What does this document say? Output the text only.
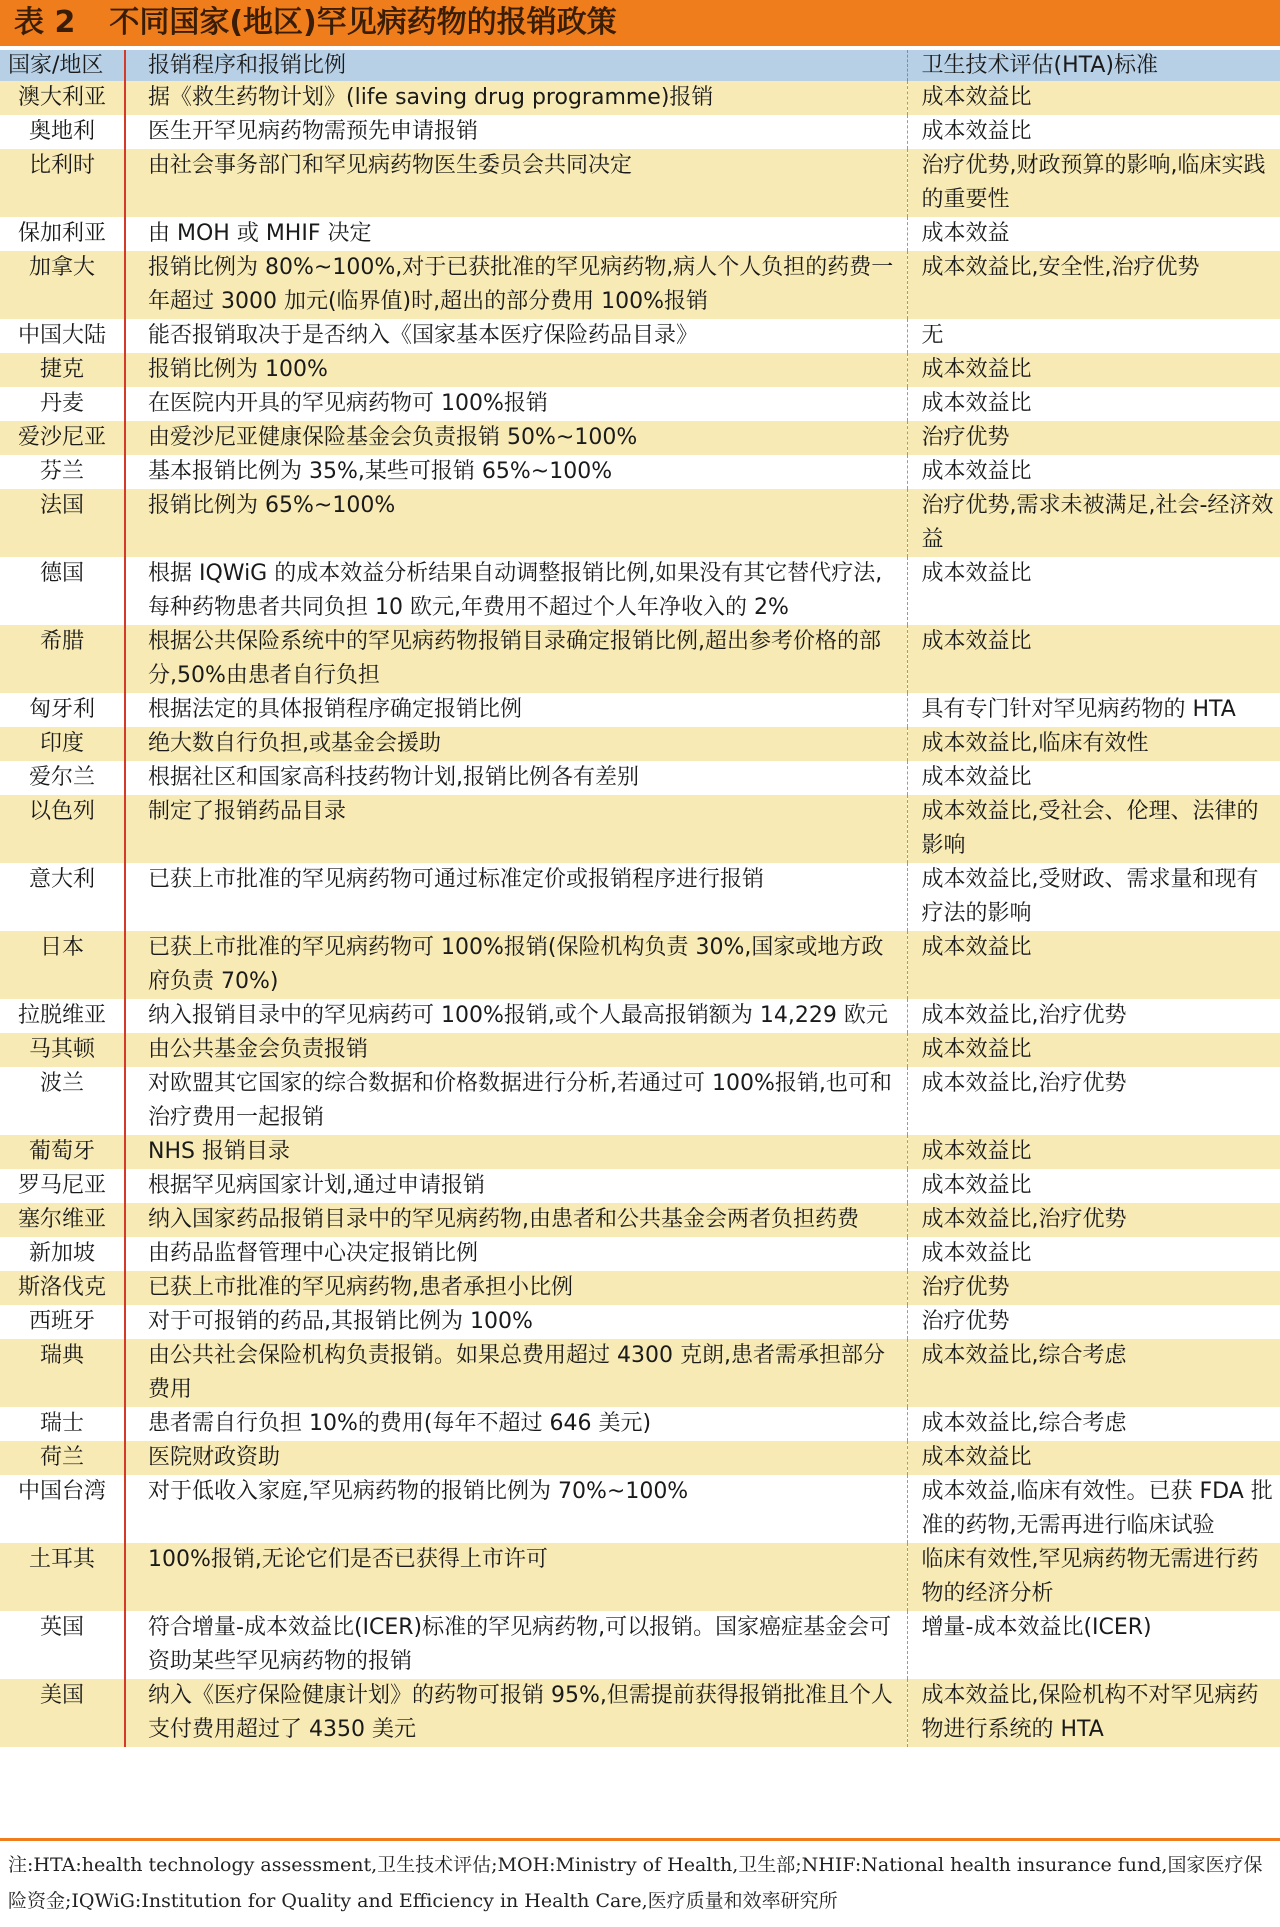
表 2 不同国家(地区)罕见病药物的报销政策
国家/地区	报销程序和报销比例	卫生技术评估(HTA)标准
澳大利亚	据《救生药物计划》(life saving drug programme)报销	成本效益比
奥地利	医生开罕见病药物需预先申请报销	成本效益比
比利时	由社会事务部门和罕见病药物医生委员会共同决定	治疗优势,财政预算的影响,临床实践的重要性
保加利亚	由 MOH 或 MHIF 决定	成本效益
加拿大	报销比例为 80%~100%,对于已获批准的罕见病药物,病人个人负担的药费一年超过 3000 加元(临界值)时,超出的部分费用 100%报销	成本效益比,安全性,治疗优势
中国大陆	能否报销取决于是否纳入《国家基本医疗保险药品目录》	无
捷克	报销比例为 100%	成本效益比
丹麦	在医院内开具的罕见病药物可 100%报销	成本效益比
爱沙尼亚	由爱沙尼亚健康保险基金会负责报销 50%~100%	治疗优势
芬兰	基本报销比例为 35%,某些可报销 65%~100%	成本效益比
法国	报销比例为 65%~100%	治疗优势,需求未被满足,社会-经济效益
德国	根据 IQWiG 的成本效益分析结果自动调整报销比例,如果没有其它替代疗法,每种药物患者共同负担 10 欧元,年费用不超过个人年净收入的 2%	成本效益比
希腊	根据公共保险系统中的罕见病药物报销目录确定报销比例,超出参考价格的部分,50%由患者自行负担	成本效益比
匈牙利	根据法定的具体报销程序确定报销比例	具有专门针对罕见病药物的 HTA
印度	绝大数自行负担,或基金会援助	成本效益比,临床有效性
爱尔兰	根据社区和国家高科技药物计划,报销比例各有差别	成本效益比
以色列	制定了报销药品目录	成本效益比,受社会、伦理、法律的影响
意大利	已获上市批准的罕见病药物可通过标准定价或报销程序进行报销	成本效益比,受财政、需求量和现有疗法的影响
日本	已获上市批准的罕见病药物可 100%报销(保险机构负责 30%,国家或地方政府负责 70%)	成本效益比
拉脱维亚	纳入报销目录中的罕见病药可 100%报销,或个人最高报销额为 14,229 欧元	成本效益比,治疗优势
马其顿	由公共基金会负责报销	成本效益比
波兰	对欧盟其它国家的综合数据和价格数据进行分析,若通过可 100%报销,也可和治疗费用一起报销	成本效益比,治疗优势
葡萄牙	NHS 报销目录	成本效益比
罗马尼亚	根据罕见病国家计划,通过申请报销	成本效益比
塞尔维亚	纳入国家药品报销目录中的罕见病药物,由患者和公共基金会两者负担药费	成本效益比,治疗优势
新加坡	由药品监督管理中心决定报销比例	成本效益比
斯洛伐克	已获上市批准的罕见病药物,患者承担小比例	治疗优势
西班牙	对于可报销的药品,其报销比例为 100%	治疗优势
瑞典	由公共社会保险机构负责报销。如果总费用超过 4300 克朗,患者需承担部分费用	成本效益比,综合考虑
瑞士	患者需自行负担 10%的费用(每年不超过 646 美元)	成本效益比,综合考虑
荷兰	医院财政资助	成本效益比
中国台湾	对于低收入家庭,罕见病药物的报销比例为 70%~100%	成本效益,临床有效性。已获 FDA 批准的药物,无需再进行临床试验
土耳其	100%报销,无论它们是否已获得上市许可	临床有效性,罕见病药物无需进行药物的经济分析
英国	符合增量-成本效益比(ICER)标准的罕见病药物,可以报销。国家癌症基金会可资助某些罕见病药物的报销	增量-成本效益比(ICER)
美国	纳入《医疗保险健康计划》的药物可报销 95%,但需提前获得报销批准且个人支付费用超过了 4350 美元	成本效益比,保险机构不对罕见病药物进行系统的 HTA
注:HTA:health technology assessment,卫生技术评估;MOH:Ministry of Health,卫生部;NHIF:National health insurance fund,国家医疗保险资金;IQWiG:Institution for Quality and Efficiency in Health Care,医疗质量和效率研究所
